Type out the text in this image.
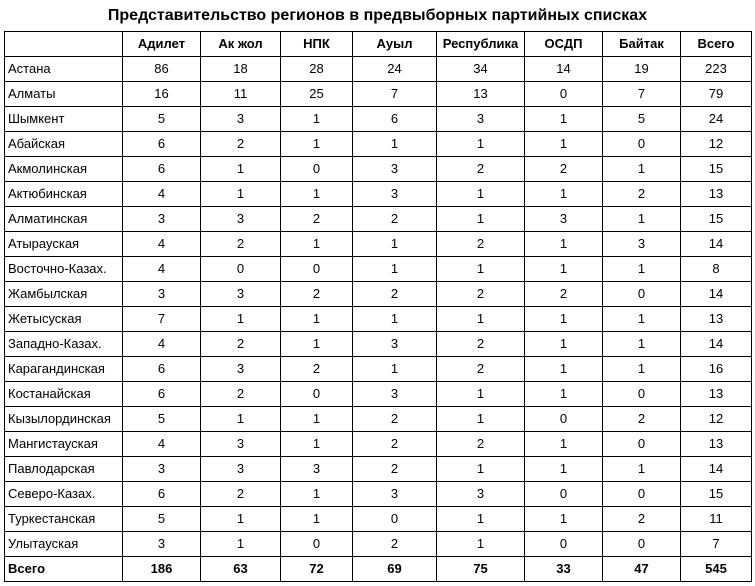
Представительство регионов в предвыборных партийных списках
	Адилет	Ак жол	НПК	Ауыл	Республика	ОСДП	Байтак	Всего
Астана	86	18	28	24	34	14	19	223
Алматы	16	11	25	7	13	0	7	79
Шымкент	5	3	1	6	3	1	5	24
Абайская	6	2	1	1	1	1	0	12
Акмолинская	6	1	0	3	2	2	1	15
Актюбинская	4	1	1	3	1	1	2	13
Алматинская	3	3	2	2	1	3	1	15
Атырауская	4	2	1	1	2	1	3	14
Восточно-Казах.	4	0	0	1	1	1	1	8
Жамбылская	3	3	2	2	2	2	0	14
Жетысуская	7	1	1	1	1	1	1	13
Западно-Казах.	4	2	1	3	2	1	1	14
Карагандинская	6	3	2	1	2	1	1	16
Костанайская	6	2	0	3	1	1	0	13
Кызылординская	5	1	1	2	1	0	2	12
Мангистауская	4	3	1	2	2	1	0	13
Павлодарская	3	3	3	2	1	1	1	14
Северо-Казах.	6	2	1	3	3	0	0	15
Туркестанская	5	1	1	0	1	1	2	11
Улытауская	3	1	0	2	1	0	0	7
Всего	186	63	72	69	75	33	47	545
